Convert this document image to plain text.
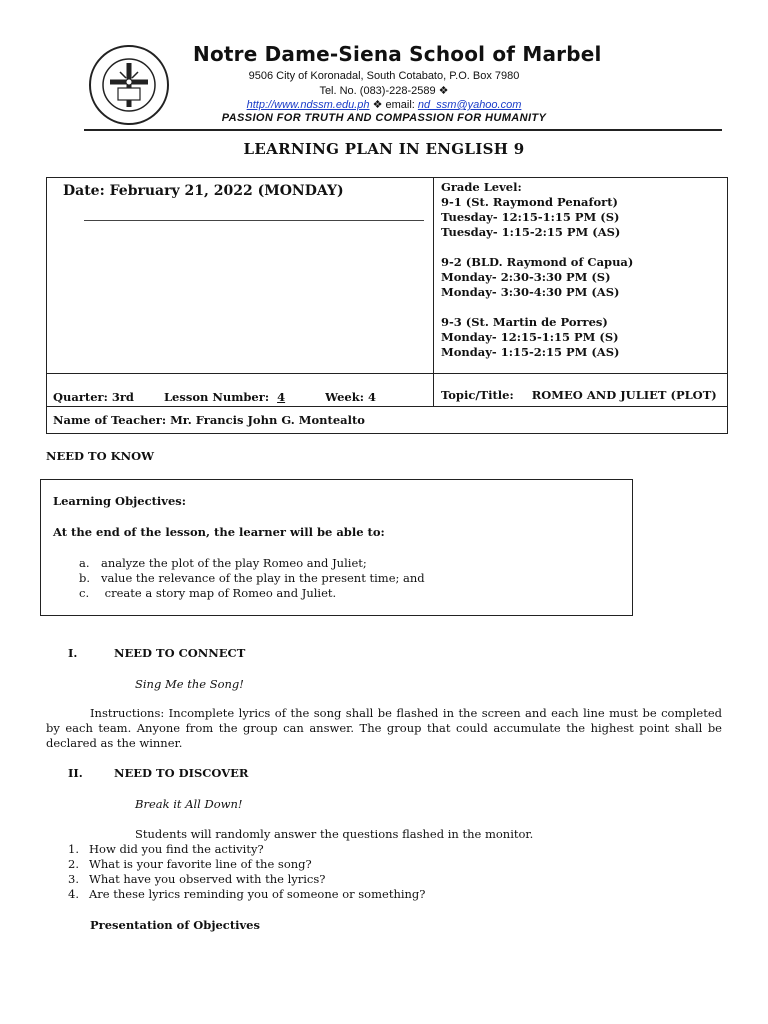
Notre Dame-Siena School of Marbel
9506 City of Koronadal, South Cotabato, P.O. Box 7980
Tel. No. (083)-228-2589 ❖
http://www.ndssm.edu.ph ❖ email: nd_ssm@yahoo.com
PASSION FOR TRUTH AND COMPASSION FOR HUMANITY
LEARNING PLAN IN ENGLISH 9
Date: February 21, 2022 (MONDAY)	Grade Level:
9-1 (St. Raymond Penafort)
Tuesday- 12:15-1:15 PM (S)
Tuesday- 1:15-2:15 PM (AS)
9-2 (BLD. Raymond of Capua)
Monday- 2:30-3:30 PM (S)
Monday- 3:30-4:30 PM (AS)
9-3 (St. Martin de Porres)
Monday- 12:15-1:15 PM (S)
Monday- 1:15-2:15 PM (AS)
Quarter: 3rd	Lesson Number: 4	Week: 4	Topic/Title: ROMEO AND JULIET (PLOT)
Name of Teacher: Mr. Francis John G. Montealto
NEED TO KNOW
Learning Objectives:
At the end of the lesson, the learner will be able to:
a. analyze the plot of the play Romeo and Juliet;
b. value the relevance of the play in the present time; and
c.	create a story map of Romeo and Juliet.
I.	NEED TO CONNECT
Sing Me the Song!
Instructions: Incomplete lyrics of the song shall be flashed in the screen and each line must be completed by each team. Anyone from the group can answer. The group that could accumulate the highest point shall be declared as the winner.
II.	NEED TO DISCOVER
Break it All Down!
Students will randomly answer the questions flashed in the monitor.
1. How did you find the activity?
2. What is your favorite line of the song?
3. What have you observed with the lyrics?
4. Are these lyrics reminding you of someone or something?
Presentation of Objectives
